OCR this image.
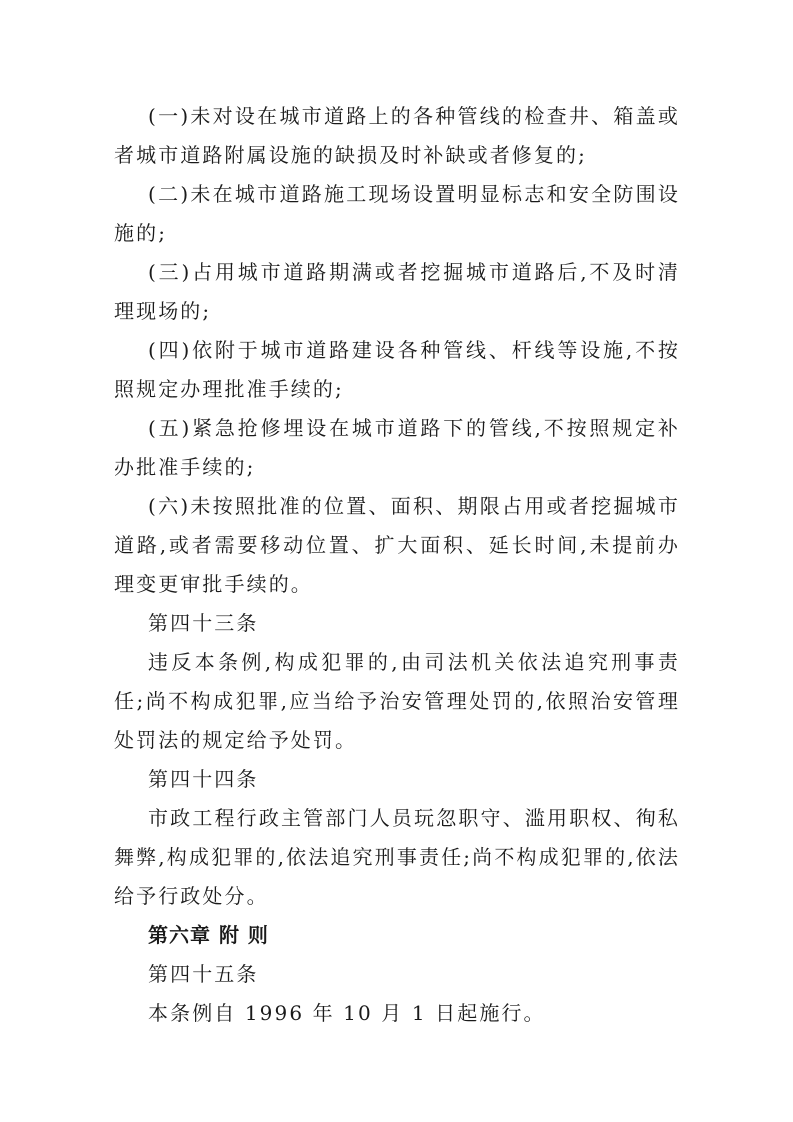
(一)未对设在城市道路上的各种管线的检查井、箱盖或者城市道路附属设施的缺损及时补缺或者修复的;

(二)未在城市道路施工现场设置明显标志和安全防围设施的;

(三)占用城市道路期满或者挖掘城市道路后,不及时清理现场的;

(四)依附于城市道路建设各种管线、杆线等设施,不按照规定办理批准手续的;

(五)紧急抢修埋设在城市道路下的管线,不按照规定补办批准手续的;

(六)未按照批准的位置、面积、期限占用或者挖掘城市道路,或者需要移动位置、扩大面积、延长时间,未提前办理变更审批手续的。

第四十三条

违反本条例,构成犯罪的,由司法机关依法追究刑事责任;尚不构成犯罪,应当给予治安管理处罚的,依照治安管理处罚法的规定给予处罚。

第四十四条

市政工程行政主管部门人员玩忽职守、滥用职权、徇私舞弊,构成犯罪的,依法追究刑事责任;尚不构成犯罪的,依法给予行政处分。

第六章 附 则

第四十五条

本条例自 1996 年 10 月 1 日起施行。
